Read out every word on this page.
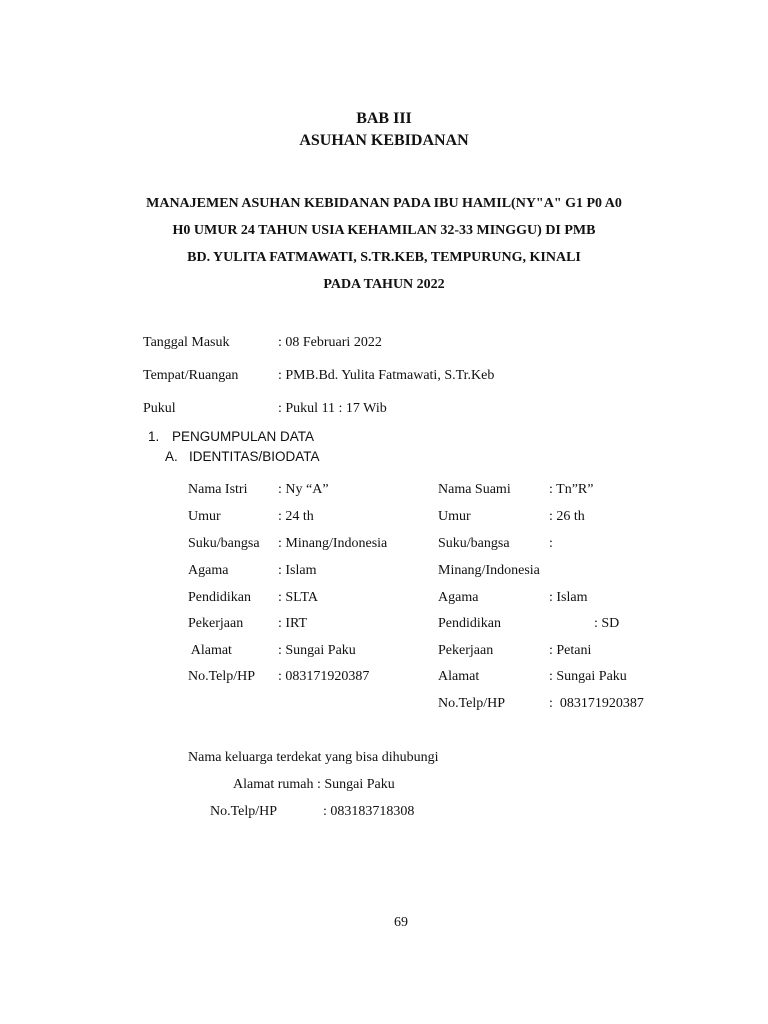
BAB III
ASUHAN KEBIDANAN
MANAJEMEN ASUHAN KEBIDANAN PADA IBU HAMIL(NY"A" G1 P0 A0
H0 UMUR 24 TAHUN USIA KEHAMILAN 32-33 MINGGU) DI PMB
BD. YULITA FATMAWATI, S.TR.KEB, TEMPURUNG, KINALI
PADA TAHUN 2022
Tanggal Masuk	: 08 Februari 2022
Tempat/Ruangan	: PMB.Bd. Yulita Fatmawati, S.Tr.Keb
Pukul	: Pukul 11 : 17 Wib
1. PENGUMPULAN DATA
A. IDENTITAS/BIODATA
Nama Istri : Ny “A”
Umur	: 24 th
Suku/bangsa : Minang/Indonesia
Agama	: Islam
Pendidikan : SLTA
Pekerjaan : IRT
Alamat	: Sungai Paku
No.Telp/HP : 083171920387
Nama Suami	: Tn”R”
Umur	: 26 th
Suku/bangsa	:
Minang/Indonesia
Agama	: Islam
Pendidikan	: SD
Pekerjaan	: Petani
Alamat	: Sungai Paku
No.Telp/HP	:  083171920387
Nama keluarga terdekat yang bisa dihubungi
Alamat rumah : Sungai Paku
No.Telp/HP	: 083183718308
69
